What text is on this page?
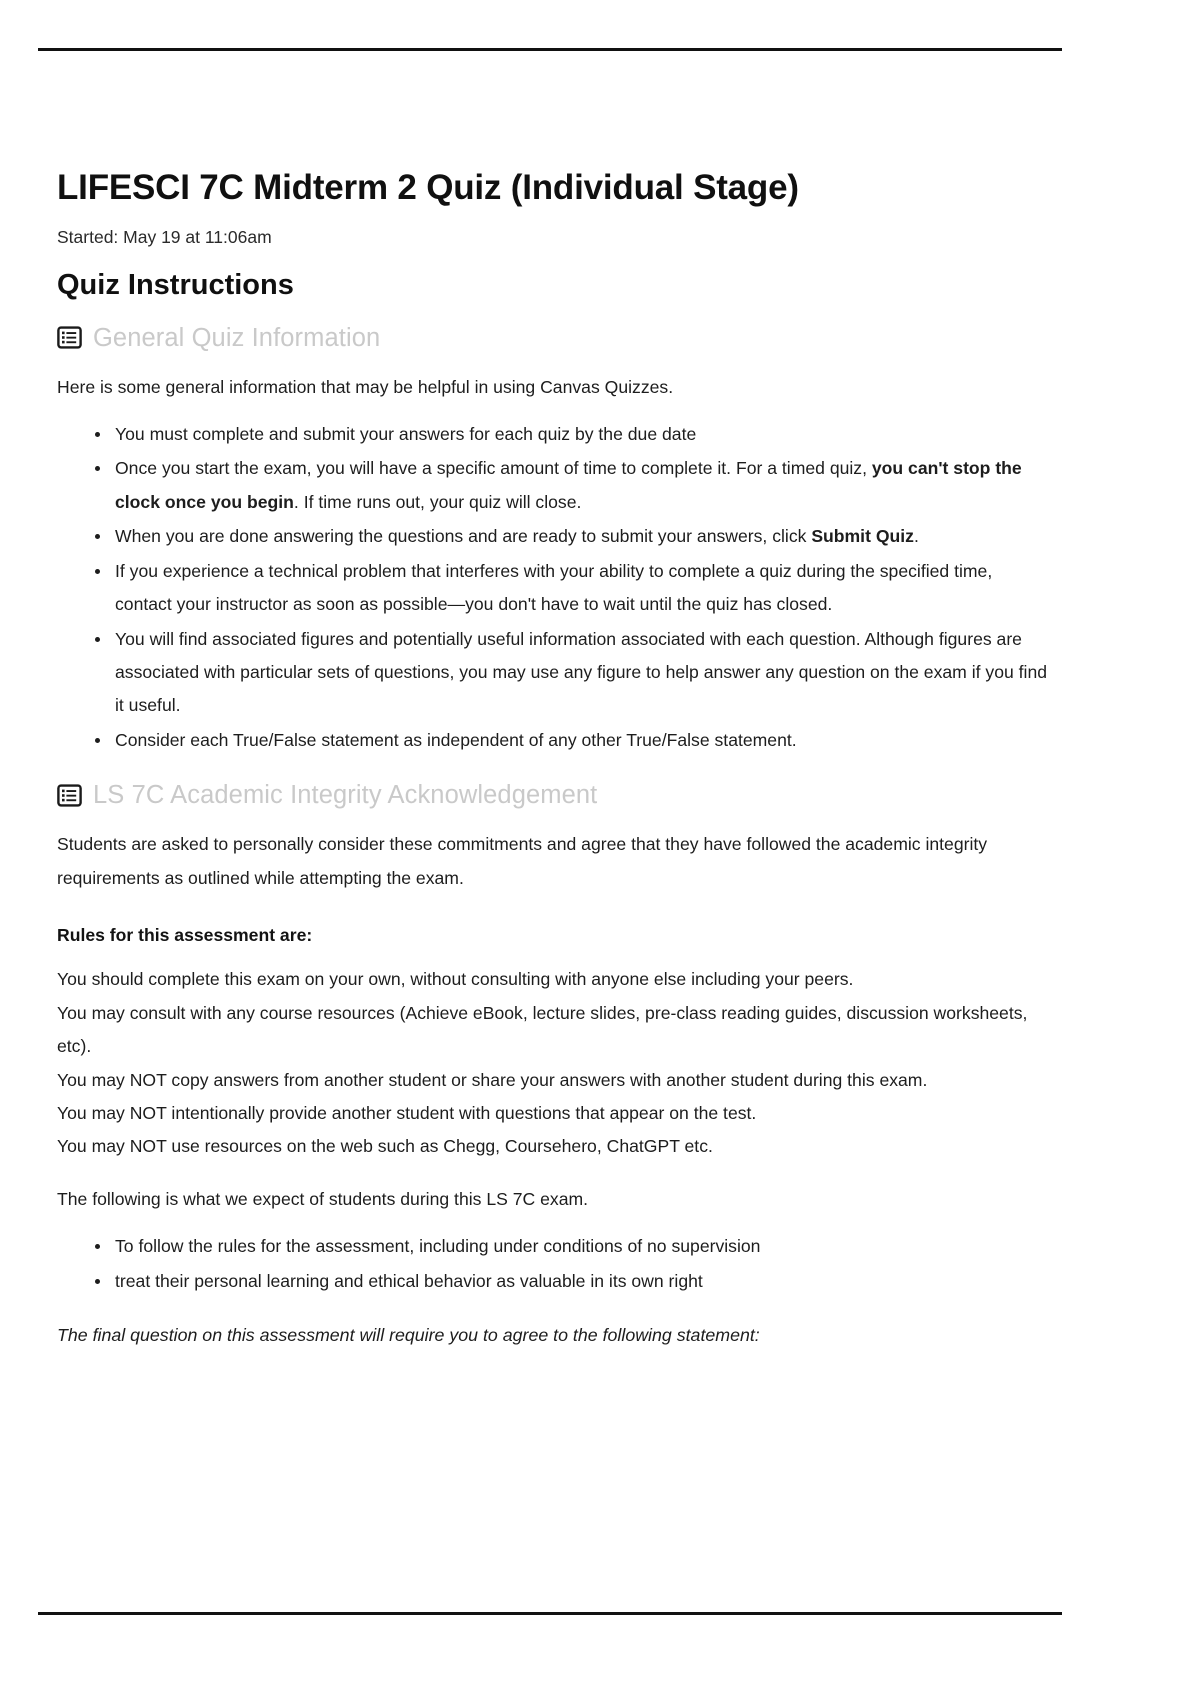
LIFESCI 7C Midterm 2 Quiz (Individual Stage)
Started: May 19 at 11:06am
Quiz Instructions
General Quiz Information

Here is some general information that may be helpful in using Canvas Quizzes.

You must complete and submit your answers for each quiz by the due date
Once you start the exam, you will have a specific amount of time to complete it. For a timed quiz, you can't stop the clock once you begin. If time runs out, your quiz will close.
When you are done answering the questions and are ready to submit your answers, click Submit Quiz.
If you experience a technical problem that interferes with your ability to complete a quiz during the specified time, contact your instructor as soon as possible—you don't have to wait until the quiz has closed.
You will find associated figures and potentially useful information associated with each question. Although figures are associated with particular sets of questions, you may use any figure to help answer any question on the exam if you find it useful.
Consider each True/False statement as independent of any other True/False statement.
LS 7C Academic Integrity Acknowledgement

Students are asked to personally consider these commitments and agree that they have followed the academic integrity requirements as outlined while attempting the exam.

Rules for this assessment are:
You should complete this exam on your own, without consulting with anyone else including your peers.
You may consult with any course resources (Achieve eBook, lecture slides, pre-class reading guides, discussion worksheets, etc).
You may NOT copy answers from another student or share your answers with another student during this exam.
You may NOT intentionally provide another student with questions that appear on the test.
You may NOT use resources on the web such as Chegg, Coursehero, ChatGPT etc.

The following is what we expect of students during this LS 7C exam.

To follow the rules for the assessment, including under conditions of no supervision
treat their personal learning and ethical behavior as valuable in its own right

The final question on this assessment will require you to agree to the following statement:
